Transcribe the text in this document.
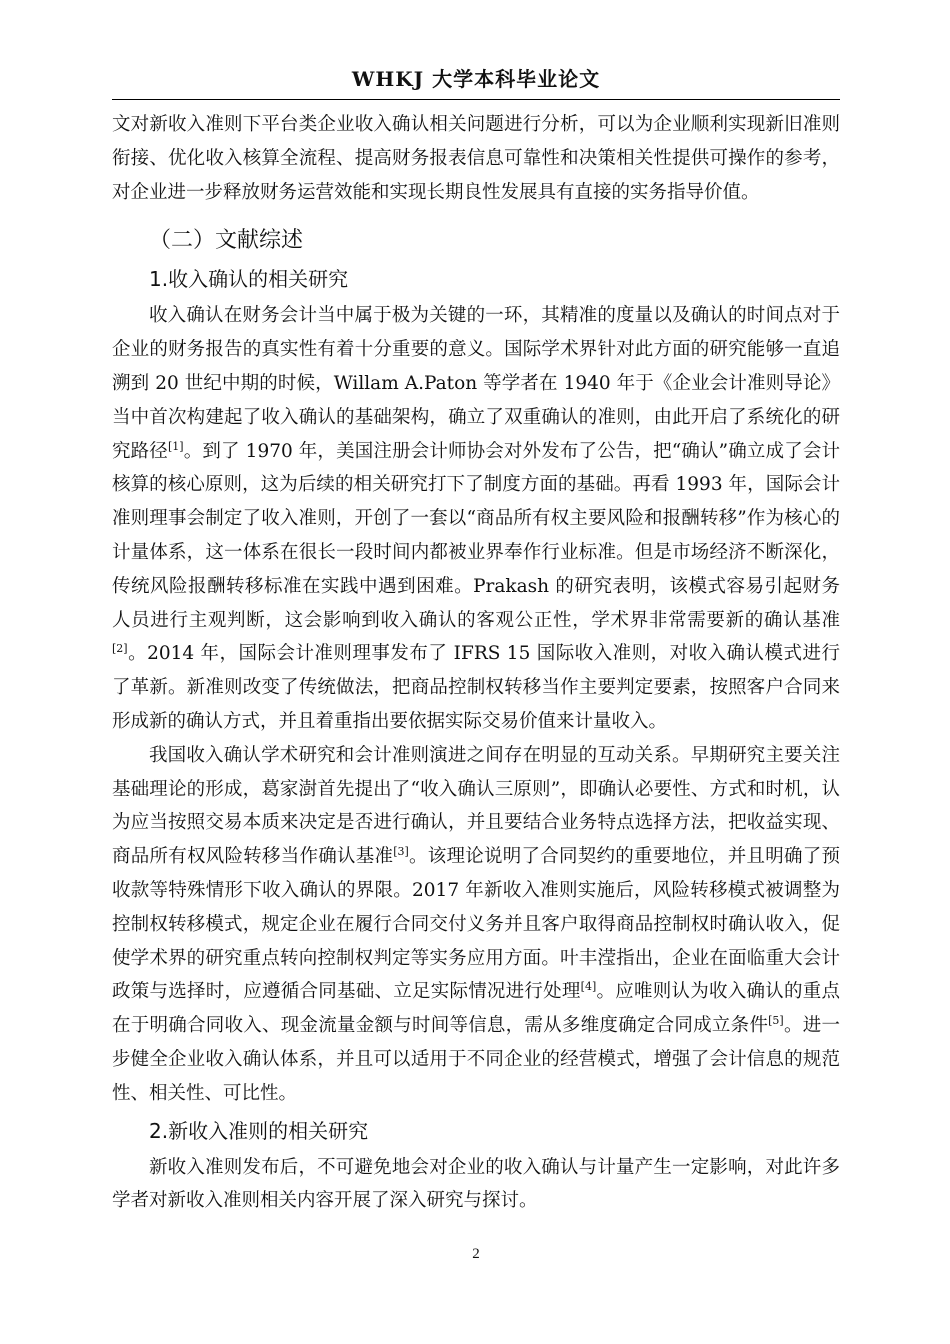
WHKJ 大学本科毕业论文

文对新收入准则下平台类企业收入确认相关问题进行分析，可以为企业顺利实现新旧准则衔接、优化收入核算全流程、提高财务报表信息可靠性和决策相关性提供可操作的参考，对企业进一步释放财务运营效能和实现长期良性发展具有直接的实务指导价值。

（二）文献综述

1.收入确认的相关研究

收入确认在财务会计当中属于极为关键的一环，其精准的度量以及确认的时间点对于企业的财务报告的真实性有着十分重要的意义。国际学术界针对此方面的研究能够一直追溯到 20 世纪中期的时候，Willam A.Paton 等学者在 1940 年于《企业会计准则导论》当中首次构建起了收入确认的基础架构，确立了双重确认的准则，由此开启了系统化的研究路径[1]。到了 1970 年，美国注册会计师协会对外发布了公告，把“确认”确立成了会计核算的核心原则，这为后续的相关研究打下了制度方面的基础。再看 1993 年，国际会计准则理事会制定了收入准则，开创了一套以“商品所有权主要风险和报酬转移”作为核心的计量体系，这一体系在很长一段时间内都被业界奉作行业标准。但是市场经济不断深化，传统风险报酬转移标准在实践中遇到困难。Prakash 的研究表明，该模式容易引起财务人员进行主观判断，这会影响到收入确认的客观公正性，学术界非常需要新的确认基准[2]。2014 年，国际会计准则理事发布了 IFRS 15 国际收入准则，对收入确认模式进行了革新。新准则改变了传统做法，把商品控制权转移当作主要判定要素，按照客户合同来形成新的确认方式，并且着重指出要依据实际交易价值来计量收入。

我国收入确认学术研究和会计准则演进之间存在明显的互动关系。早期研究主要关注基础理论的形成，葛家澍首先提出了“收入确认三原则”，即确认必要性、方式和时机，认为应当按照交易本质来决定是否进行确认，并且要结合业务特点选择方法，把收益实现、商品所有权风险转移当作确认基准[3]。该理论说明了合同契约的重要地位，并且明确了预收款等特殊情形下收入确认的界限。2017 年新收入准则实施后，风险转移模式被调整为控制权转移模式，规定企业在履行合同交付义务并且客户取得商品控制权时确认收入，促使学术界的研究重点转向控制权判定等实务应用方面。叶丰滢指出，企业在面临重大会计政策与选择时，应遵循合同基础、立足实际情况进行处理[4]。应唯则认为收入确认的重点在于明确合同收入、现金流量金额与时间等信息，需从多维度确定合同成立条件[5]。进一步健全企业收入确认体系，并且可以适用于不同企业的经营模式，增强了会计信息的规范性、相关性、可比性。

2.新收入准则的相关研究

新收入准则发布后，不可避免地会对企业的收入确认与计量产生一定影响，对此许多学者对新收入准则相关内容开展了深入研究与探讨。

2
